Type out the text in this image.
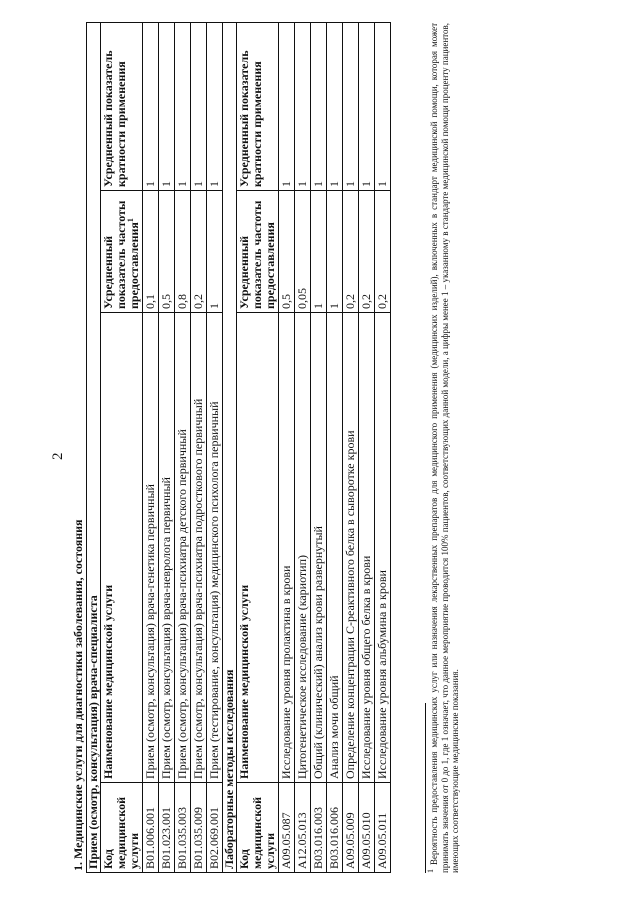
2
1. Медицинские услуги для диагностики заболевания, состояния Прием (осмотр, консультация) врача-специалиста			
Код медицинской услуги	Наименование медицинской услуги	Усредненный показатель частоты предоставления$^1$	Усредненный показатель кратности применения
B01.006.001	Прием (осмотр, консультация) врача-генетика первичный	0,1	1
B01.023.001	Прием (осмотр, консультация) врача-невролога первичный	0,5	1
B01.035.003	Прием (осмотр, консультация) врача-психиатра детского первичный	0,8	1
B01.035.009	Прием (осмотр, консультация) врача-психиатра подросткового первичный	0,2	1
B02.069.001	Прием (тестирование, консультация) медицинского психолога первичный	1	1
Лабораторные методы исследования			
Код медицинской услуги	Наименование медицинской услуги	Усредненный показатель частоты предоставления	Усредненный показатель кратности применения
A09.05.087	Исследование уровня пролактина в крови	0,5	1
A12.05.013	Цитогенетическое исследование (кариотип)	0,05	1
B03.016.003	Общий (клинический) анализ крови развернутый	1	1
B03.016.006	Анализ мочи общий	1	1
A09.05.009	Определение концентрации С-реактивного белка в сыворотке крови	0,2	1
A09.05.010	Исследование уровня общего белка в крови	0,2	1
A09.05.011	Исследование уровня альбумина в крови	0,2	1
$^1$ Вероятность предоставления медицинских услуг или назначения лекарственных препаратов для медицинского применения (медицинских изделий), включенных в стандарт медицинской помощи, которая может принимать значения от 0 до 1, где 1 означает, что данное мероприятие проводится 100% пациентов, соответствующих данной модели, а цифры менее 1 – указанному в стандарте медицинской помощи проценту пациентов, имеющих соответствующие медицинские показания.
